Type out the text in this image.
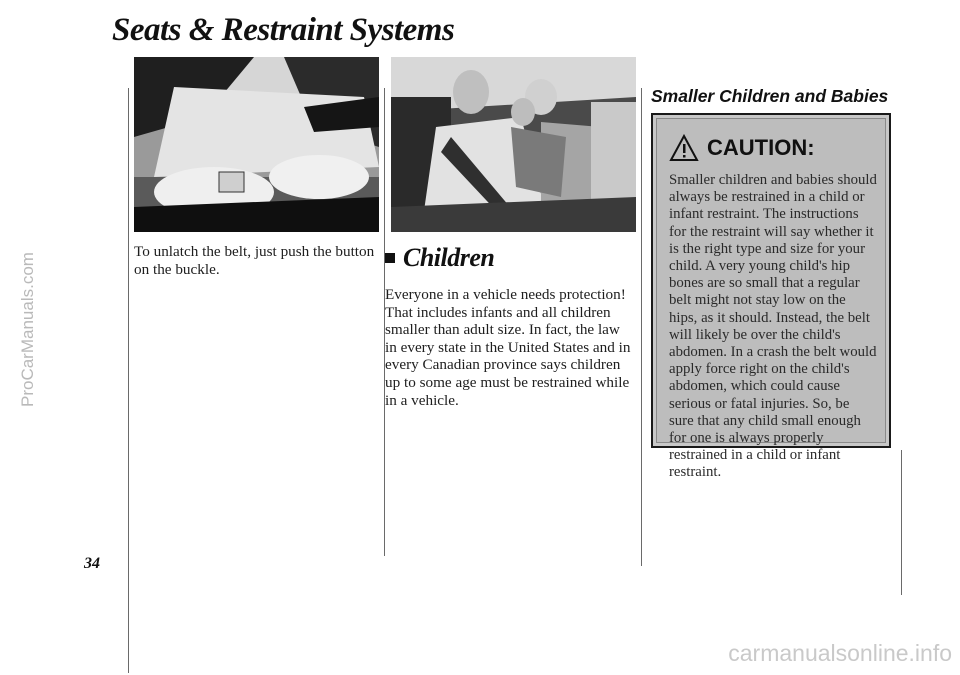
Seats & Restraint Systems
ProCarManuals.com
To unlatch the belt, just push the button on the buckle.	Children
Everyone in a vehicle needs protection! That includes infants and all children smaller than adult size. In fact, the law in every state in the United States and in every Canadian province says children up to some age must be restrained while in a vehicle.
Smaller Children and Babies
CAUTION:
Smaller children and babies should always be restrained in a child or infant restraint. The instructions for the restraint will say whether it is the right type and size for your child. A very young child's hip bones are so small that a regular belt might not stay low on the hips, as it should. Instead, the belt will likely be over the child's abdomen. In a crash the belt would apply force right on the child's abdomen, which could cause serious or fatal injuries. So, be sure that any child small enough for one is always properly restrained in a child or infant restraint.
34
carmanualsonline.info
